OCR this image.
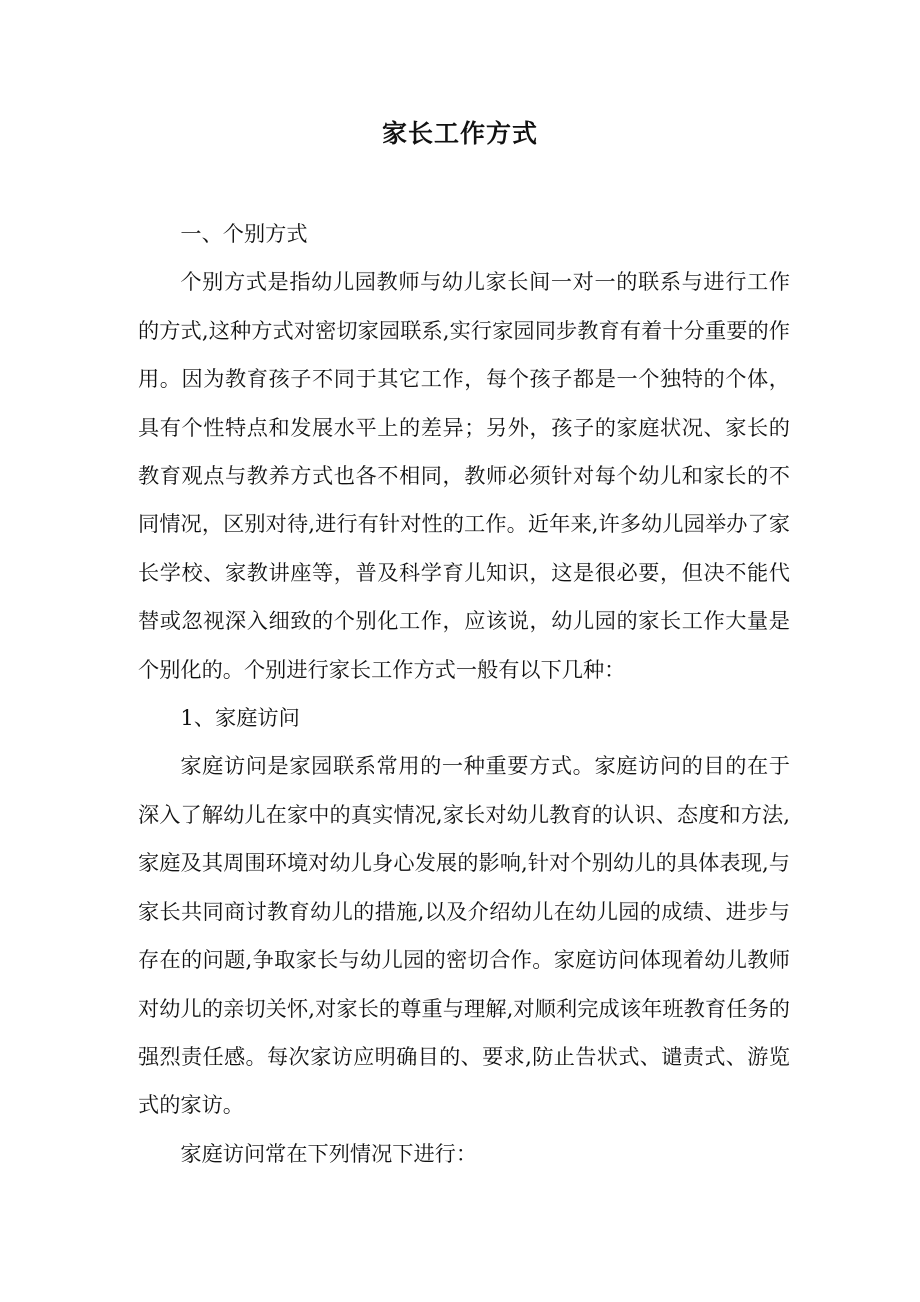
家长工作方式

一、个别方式

个别方式是指幼儿园教师与幼儿家长间一对一的联系与进行工作的方式,这种方式对密切家园联系,实行家园同步教育有着十分重要的作用。因为教育孩子不同于其它工作，每个孩子都是一个独特的个体，具有个性特点和发展水平上的差异；另外，孩子的家庭状况、家长的教育观点与教养方式也各不相同，教师必须针对每个幼儿和家长的不同情况，区别对待,进行有针对性的工作。近年来,许多幼儿园举办了家长学校、家教讲座等，普及科学育儿知识，这是很必要，但决不能代替或忽视深入细致的个别化工作，应该说，幼儿园的家长工作大量是个别化的。个别进行家长工作方式一般有以下几种：

1、家庭访问

家庭访问是家园联系常用的一种重要方式。家庭访问的目的在于深入了解幼儿在家中的真实情况,家长对幼儿教育的认识、态度和方法,家庭及其周围环境对幼儿身心发展的影响,针对个别幼儿的具体表现,与家长共同商讨教育幼儿的措施,以及介绍幼儿在幼儿园的成绩、进步与存在的问题,争取家长与幼儿园的密切合作。家庭访问体现着幼儿教师对幼儿的亲切关怀,对家长的尊重与理解,对顺利完成该年班教育任务的强烈责任感。每次家访应明确目的、要求,防止告状式、谴责式、游览式的家访。

家庭访问常在下列情况下进行：
